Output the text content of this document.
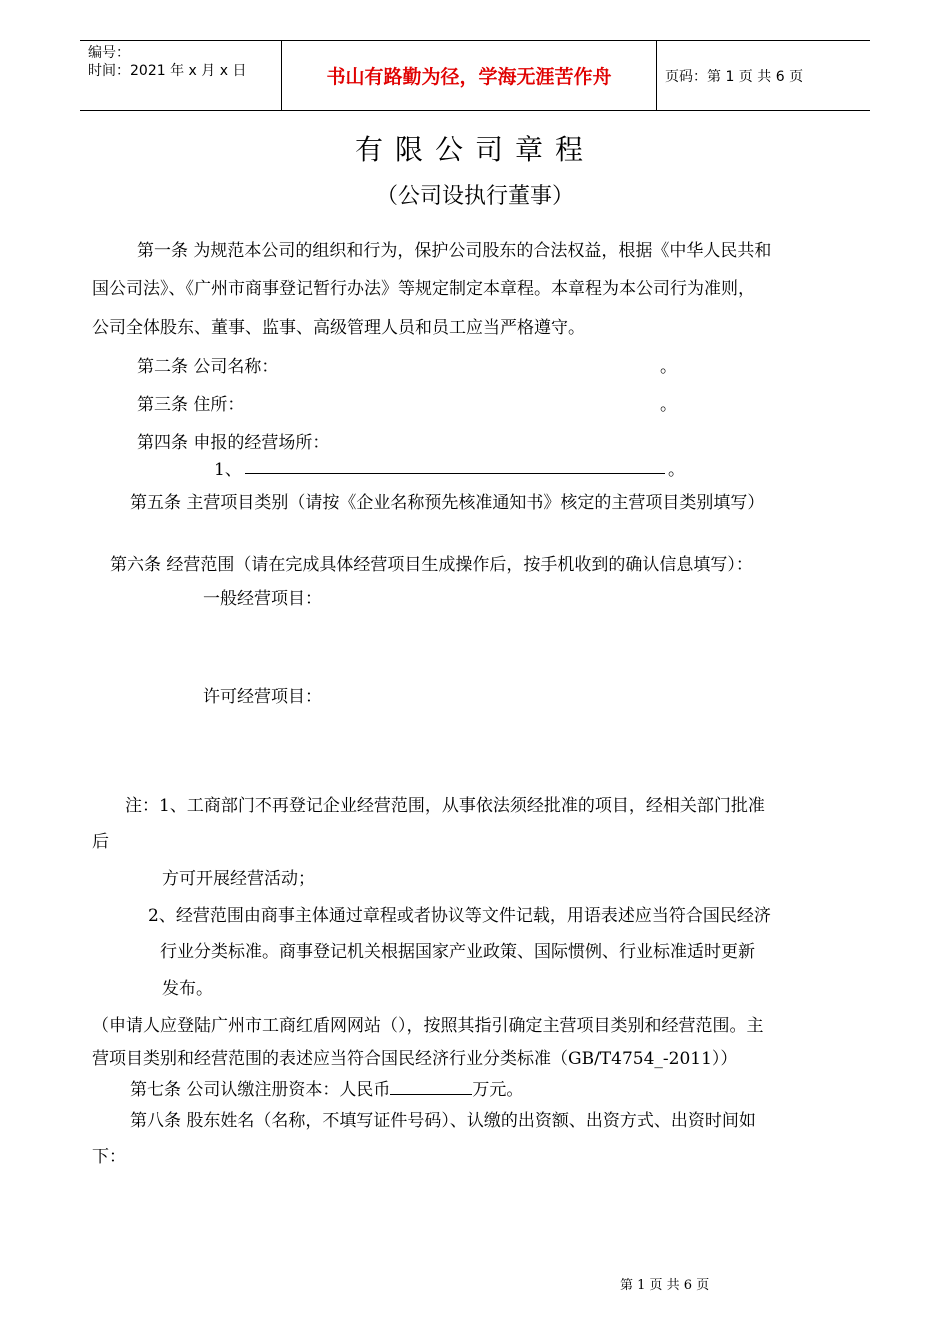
编号：
时间：2021 年 x 月 x 日	书山有路勤为径，学海无涯苦作舟	页码：第 1 页 共 6 页
有限公司章程
（公司设执行董事）
第一条 为规范本公司的组织和行为，保护公司股东的合法权益，根据《中华人民共和
国公司法》、《广州市商事登记暂行办法》等规定制定本章程。本章程为本公司行为准则，
公司全体股东、董事、监事、高级管理人员和员工应当严格遵守。
第二条 公司名称：	。
第三条 住所：	。
第四条 申报的经营场所：
1、	。
第五条 主营项目类别（请按《企业名称预先核准通知书》核定的主营项目类别填写）
第六条 经营范围（请在完成具体经营项目生成操作后，按手机收到的确认信息填写）：
一般经营项目：
许可经营项目：
注：1、工商部门不再登记企业经营范围，从事依法须经批准的项目，经相关部门批准
后
方可开展经营活动；
2、经营范围由商事主体通过章程或者协议等文件记载，用语表述应当符合国民经济
行业分类标准。商事登记机关根据国家产业政策、国际惯例、行业标准适时更新
发布。
（申请人应登陆广州市工商红盾网网站（），按照其指引确定主营项目类别和经营范围。主
营项目类别和经营范围的表述应当符合国民经济行业分类标准（GB/T4754_-2011））
第七条 公司认缴注册资本：人民币	万元。
第八条 股东姓名（名称，不填写证件号码）、认缴的出资额、出资方式、出资时间如
下：
第 1 页 共 6 页
